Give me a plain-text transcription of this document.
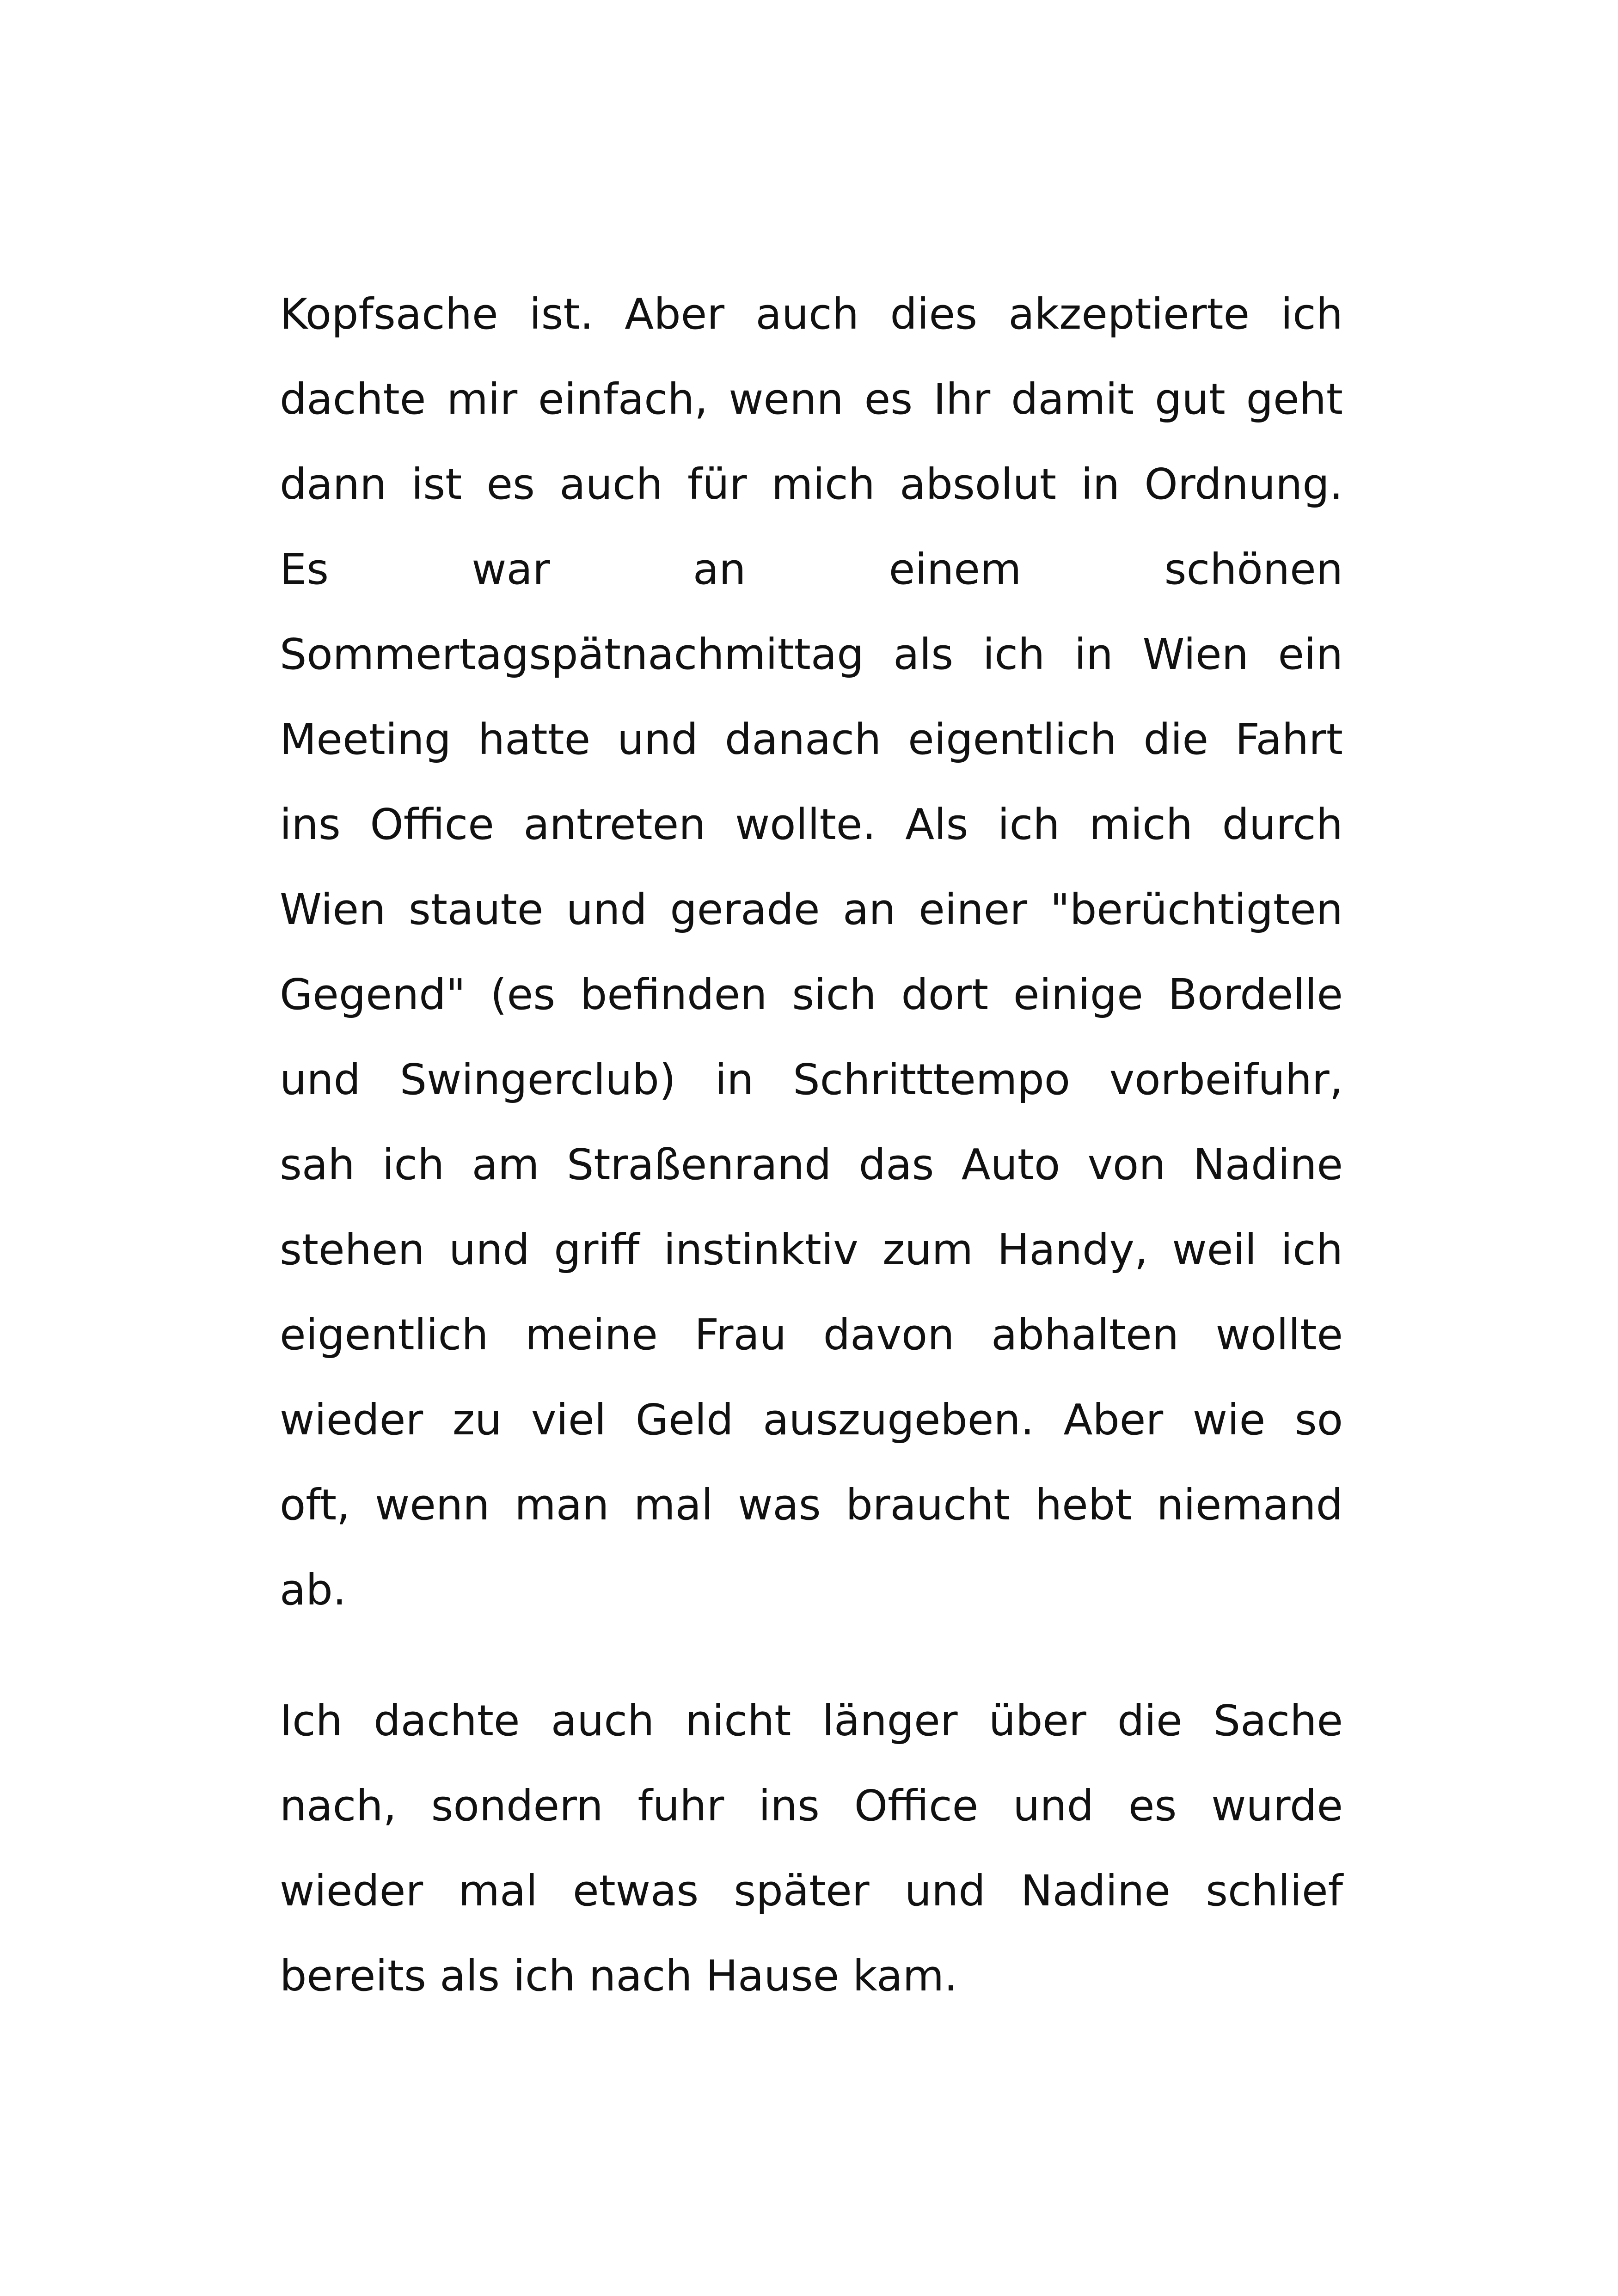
Kopfsache ist. Aber auch dies akzeptierte ich
dachte mir einfach, wenn es Ihr damit gut geht
dann ist es auch für mich absolut in Ordnung.
Es war an einem schönen
Sommertagspätnachmittag als ich in Wien ein
Meeting hatte und danach eigentlich die Fahrt
ins Office antreten wollte. Als ich mich durch
Wien staute und gerade an einer "berüchtigten
Gegend" (es befinden sich dort einige Bordelle
und Swingerclub) in Schritttempo vorbeifuhr,
sah ich am Straßenrand das Auto von Nadine
stehen und griff instinktiv zum Handy, weil ich
eigentlich meine Frau davon abhalten wollte
wieder zu viel Geld auszugeben. Aber wie so
oft, wenn man mal was braucht hebt niemand
ab.
Ich dachte auch nicht länger über die Sache
nach, sondern fuhr ins Office und es wurde
wieder mal etwas später und Nadine schlief
bereits als ich nach Hause kam.
